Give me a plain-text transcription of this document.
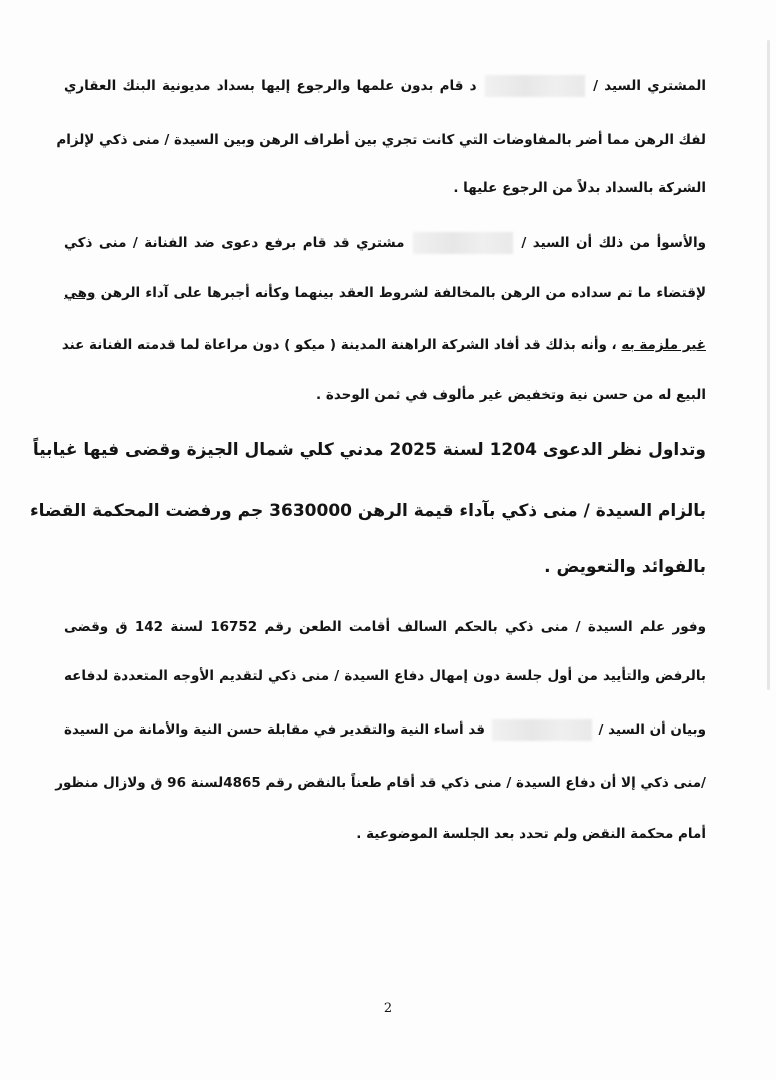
المشتري السيد /  د قام بدون علمها والرجوع إليها بسداد مديونية البنك العقاري
لفك الرهن مما أضر بالمفاوضات التي كانت تجري بين أطراف الرهن وبين السيدة / منى ذكي لإلزام
الشركة بالسداد بدلاً من الرجوع عليها .
والأسوأ من ذلك أن السيد /  مشتري قد قام برفع دعوى ضد الفنانة / منى ذكي
لإقتضاء ما تم سداده من الرهن بالمخالفة لشروط العقد بينهما وكأنه أجبرها على آداء الرهن وهي
غير ملزمة به ، وأنه بذلك قد أفاد الشركة الراهنة المدينة ( ميكو ) دون مراعاة لما قدمته الفنانة عند
البيع له من حسن نية وتخفيض غير مألوف في ثمن الوحدة .
وتداول نظر الدعوى 1204 لسنة 2025 مدني كلي شمال الجيزة وقضى فيها غيابياً
بالزام السيدة / منى ذكي بآداء قيمة الرهن 3630000 جم ورفضت المحكمة القضاء
بالفوائد والتعويض .
وفور علم السيدة / منى ذكي بالحكم السالف أقامت الطعن رقم 16752 لسنة 142 ق وقضى
بالرفض والتأييد من أول جلسة دون إمهال دفاع السيدة / منى ذكي لتقديم الأوجه المتعددة لدفاعه
وبيان أن السيد /  قد أساء النية والتقدير في مقابلة حسن النية والأمانة من السيدة
/منى ذكي إلا أن دفاع السيدة / منى ذكي قد أقام طعناً بالنقض رقم 4865لسنة 96 ق ولازال منظور
أمام محكمة النقض ولم تحدد بعد الجلسة الموضوعية .
2
